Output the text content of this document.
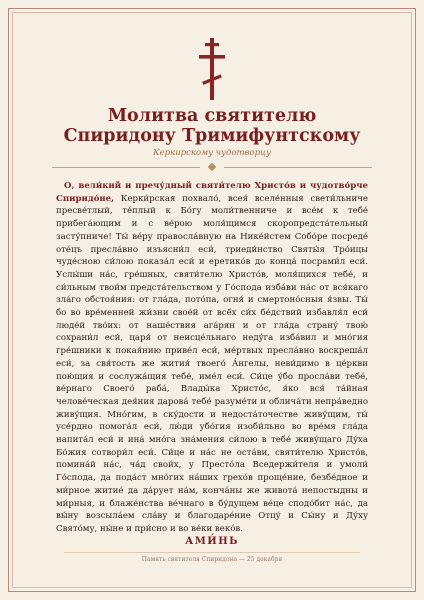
Молитва святителю
Спиридону Тримифунтскому
Керкирскому чудотворцу

О, вели́кий и пречу́дный святи́телю Христо́в и чудотво́рче Спиридо́не, Керки́рская похвало́, всея́ вселе́нныя свети́льниче пресве́тлый, те́плый к Бо́гу моли́твенниче и все́м к тебе́ прибега́ющим и с ве́рою моля́щимся скоропредста́тельный засту́пниче! Ты́ ве́ру правосла́вную на Нике́йстем Собо́ре посреде́ оте́цъ пресла́вно изъясни́л еси́, триеди́нство Святы́я Тро́ицы чуде́сною си́лою показа́л еси́ и еретико́в до конца́ посрами́л еси́. Услы́ши на́с, гре́шных, святи́телю Христо́в, моля́щихся тебе́, и си́льным твои́м предста́тельством у Го́спода изба́ви на́с от вся́каго зла́го обстоя́ния: от гла́да, пото́па, огня́ и смертоно́сныя я́звы. Ты́ бо во вре́менней жи́зни свое́й от всё́х си́х бе́дствий избавля́л еси́ люде́й тво́их: от наше́ствия ага́рян и от гла́да страну́ твою́ сохрани́л еси́, царя́ от неисце́льнаго неду́га изба́вил и мно́гия гре́шники к покая́нию приве́л еси́, ме́ртвых пресла́вно воскреша́л еси́, за свя́тость же жития́ твоего́ А́нгелы, неви́димо в це́ркви пою́щия и сослужа́щия тебе́, име́л еси́. Си́це у́бо просла́ви тебе́, ве́рнаго Своего́ раба́, Влады́ка Христо́с, я́ко вся́ та́йная челове́ческая дея́ния дарова́ тебе́ разуме́ти и облича́ти непра́ведно живу́щия. Мно́гим, в ску́дости и недоста́точестве живу́щим, ты́ усе́рдно помога́л еси́, лю́ди убо́гия изоби́льно во вре́мя гла́да напита́л еси́ и ина́ мно́га зна́мения си́лою в тебе́ живу́щаго Ду́ха Бо́жия сотвори́л еси́. Си́це и на́с не оста́ви, святи́телю Христо́в, помина́й на́с, ча́д свои́х, у Престо́ла Вседержи́теля и умоли́ Го́спода, да пода́ст мно́гих на́ших грехо́в проще́ние, безбе́дное и ми́рное житие́ да да́рует на́м, конча́ны же живота́ непостыдны и ми́рныя, и блаже́нства ве́чнаго в бу́дущем ве́це сподо́бит на́с, да вы́ну возсыла́ем сла́ву и благодаре́ние Отцу́ и Сы́ну и Ду́ху Свято́му, ны́не и при́сно и во ве́ки веко́в.

АМИ́НЬ
Память святителя Спиридона — 25 декабря
